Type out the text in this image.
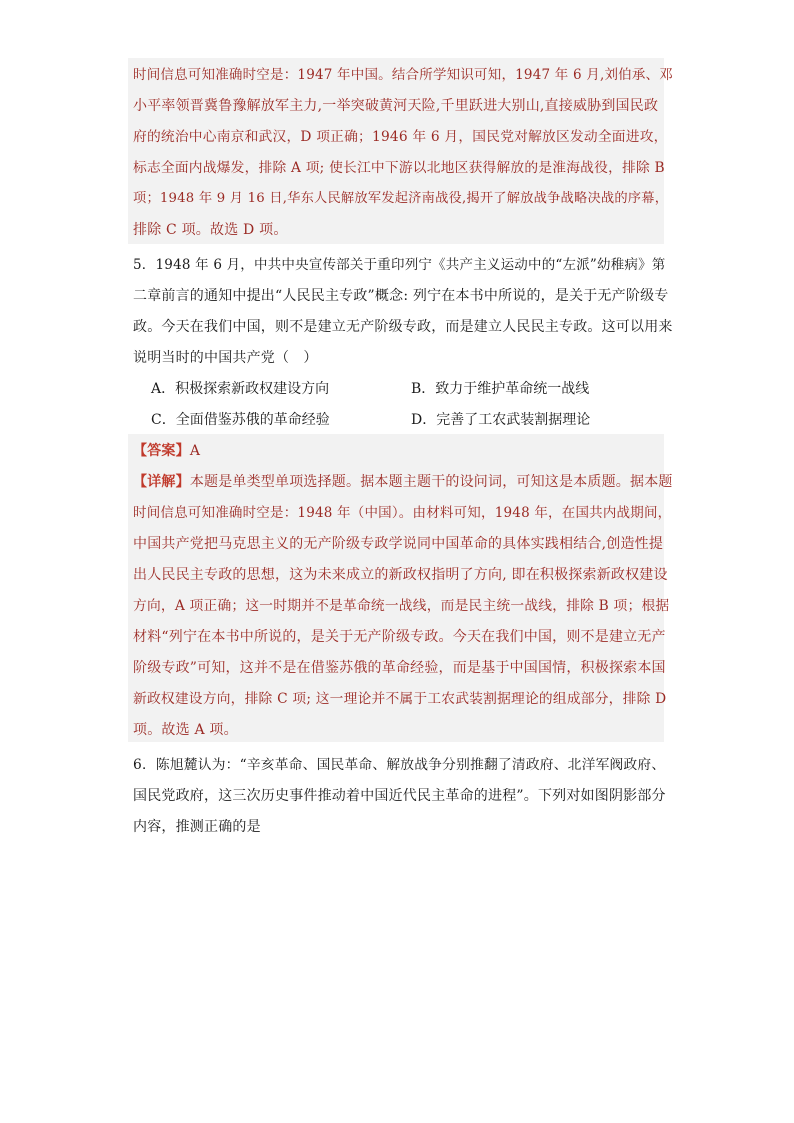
时间信息可知准确时空是：1947 年中国。结合所学知识可知，1947 年 6 月,刘伯承、邓
小平率领晋冀鲁豫解放军主力,一举突破黄河天险,千里跃进大别山,直接威胁到国民政
府的统治中心南京和武汉，D 项正确；1946 年 6 月，国民党对解放区发动全面进攻，
标志全面内战爆发，排除 A 项; 使长江中下游以北地区获得解放的是淮海战役，排除 B
项；1948 年 9 月 16 日,华东人民解放军发起济南战役,揭开了解放战争战略决战的序幕，
排除 C 项。故选 D 项。
5．1948 年 6 月，中共中央宣传部关于重印列宁《共产主义运动中的“左派”幼稚病》第
二章前言的通知中提出“人民民主专政”概念: 列宁在本书中所说的，是关于无产阶级专
政。今天在我们中国，则不是建立无产阶级专政，而是建立人民民主专政。这可以用来
说明当时的中国共产党（　）
A．积极探索新政权建设方向	B．致力于维护革命统一战线
C．全面借鉴苏俄的革命经验	D．完善了工农武装割据理论
【答案】A
【详解】本题是单类型单项选择题。据本题主题干的设问词，可知这是本质题。据本题
时间信息可知准确时空是：1948 年（中国）。由材料可知，1948 年，在国共内战期间，
中国共产党把马克思主义的无产阶级专政学说同中国革命的具体实践相结合,创造性提
出人民民主专政的思想，这为未来成立的新政权指明了方向, 即在积极探索新政权建设
方向，A 项正确；这一时期并不是革命统一战线，而是民主统一战线，排除 B 项；根据
材料“列宁在本书中所说的，是关于无产阶级专政。今天在我们中国，则不是建立无产
阶级专政”可知，这并不是在借鉴苏俄的革命经验，而是基于中国国情，积极探索本国
新政权建设方向，排除 C 项; 这一理论并不属于工农武装割据理论的组成部分，排除 D
项。故选 A 项。
6．陈旭麓认为：“辛亥革命、国民革命、解放战争分别推翻了清政府、北洋军阀政府、
国民党政府，这三次历史事件推动着中国近代民主革命的进程”。下列对如图阴影部分
内容，推测正确的是
